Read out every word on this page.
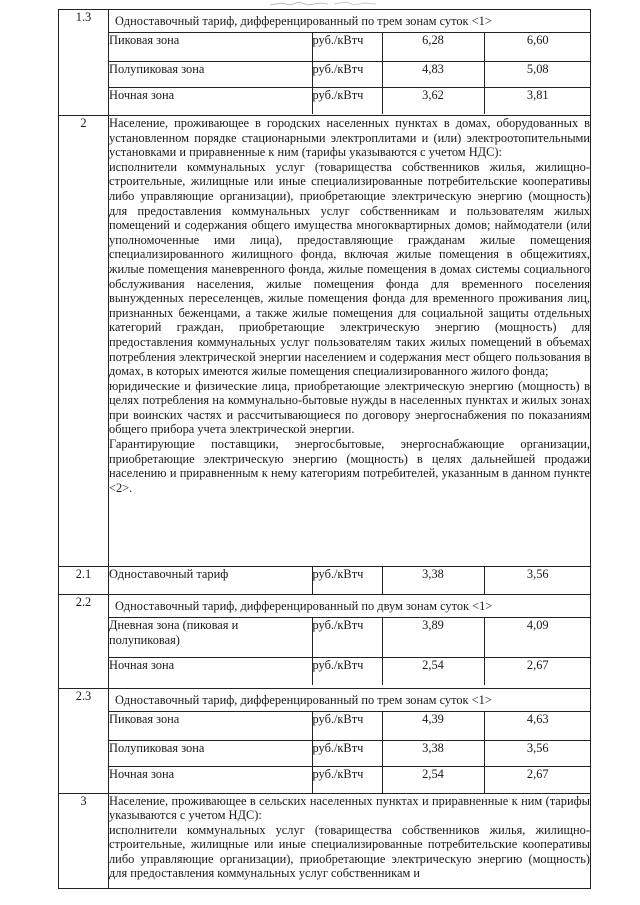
1.3	Одноставочный тариф, дифференцированный по трем зонам суток <1>
Пиковая зона	руб./кВтч	6,28	6,60
Полупиковая зона	руб./кВтч	4,83	5,08
Ночная зона	руб./кВтч	3,62	3,81

2	Население, проживающее в городских населенных пунктах в домах, оборудованных в установленном порядке стационарными электроплитами и (или) электроотопительными установками и приравненные к ним (тарифы указываются с учетом НДС):

исполнители коммунальных услуг (товарищества собственников жилья, жилищно-строительные, жилищные или иные специализированные потребительские кооперативы либо управляющие организации), приобретающие электрическую энергию (мощность) для предоставления коммунальных услуг собственникам и пользователям жилых помещений и содержания общего имущества многоквартирных домов; наймодатели (или уполномоченные ими лица), предоставляющие гражданам жилые помещения специализированного жилищного фонда, включая жилые помещения в общежитиях, жилые помещения маневренного фонда, жилые помещения в домах системы социального обслуживания населения, жилые помещения фонда для временного поселения вынужденных переселенцев, жилые помещения фонда для временного проживания лиц, признанных беженцами, а также жилые помещения для социальной защиты отдельных категорий граждан, приобретающие электрическую энергию (мощность) для предоставления коммунальных услуг пользователям таких жилых помещений в объемах потребления электрической энергии населением и содержания мест общего пользования в домах, в которых имеются жилые помещения специализированного жилого фонда;

юридические и физические лица, приобретающие электрическую энергию (мощность) в целях потребления на коммунально-бытовые нужды в населенных пунктах и жилых зонах при воинских частях и рассчитывающиеся по договору энергоснабжения по показаниям общего прибора учета электрической энергии.

Гарантирующие поставщики, энергосбытовые, энергоснабжающие организации, приобретающие электрическую энергию (мощность) в целях дальнейшей продажи населению и приравненным к нему категориям потребителей, указанным в данном пункте <2>.

2.1	Одноставочный тариф	руб./кВтч	3,38	3,56

2.2	Одноставочный тариф, дифференцированный по двум зонам суток <1>
Дневная зона (пиковая и полупиковая)	руб./кВтч	3,89	4,09
Ночная зона	руб./кВтч	2,54	2,67

2.3	Одноставочный тариф, дифференцированный по трем зонам суток <1>
Пиковая зона	руб./кВтч	4,39	4,63
Полупиковая зона	руб./кВтч	3,38	3,56
Ночная зона	руб./кВтч	2,54	2,67

3	Население, проживающее в сельских населенных пунктах и приравненные к ним (тарифы указываются с учетом НДС):

исполнители коммунальных услуг (товарищества собственников жилья, жилищно-строительные, жилищные или иные специализированные потребительские кооперативы либо управляющие организации), приобретающие электрическую энергию (мощность) для предоставления коммунальных услуг собственникам и
